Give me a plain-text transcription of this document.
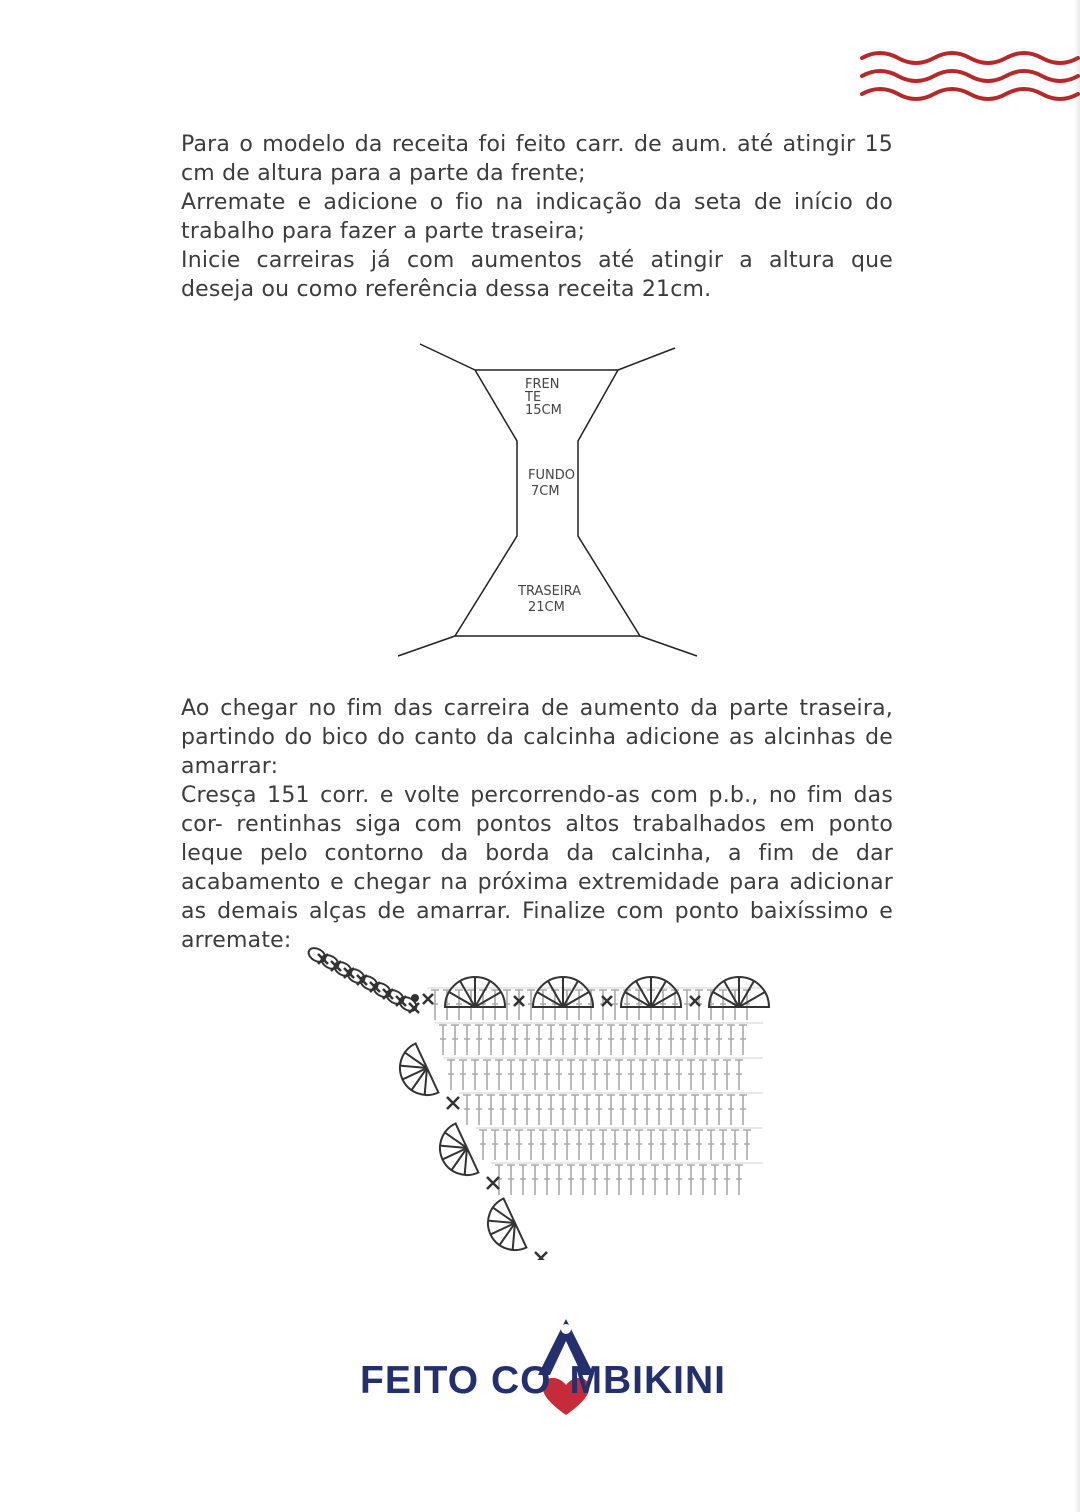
Para o modelo da receita foi feito carr. de aum. até atingir 15 cm de altura para a parte da frente;

Arremate e adicione o fio na indicação da seta de início do trabalho para fazer a parte traseira;

Inicie carreiras já com aumentos até atingir a altura que deseja ou como referência dessa receita 21cm.

FREN
TE
15CM
FUNDO
7CM
TRASEIRA
21CM

Ao chegar no fim das carreira de aumento da parte traseira, partindo do bico do canto da calcinha adicione as alcinhas de amarrar:

Cresça 151 corr. e volte percorrendo-as com p.b., no fim das cor- rentinhas siga com pontos altos trabalhados em ponto leque pelo contorno da borda da calcinha, a fim de dar acabamento e chegar na próxima extremidade para adicionar as demais alças de amarrar. Finalize com ponto baixíssimo e arremate:

FEITO CO MBIKINI
